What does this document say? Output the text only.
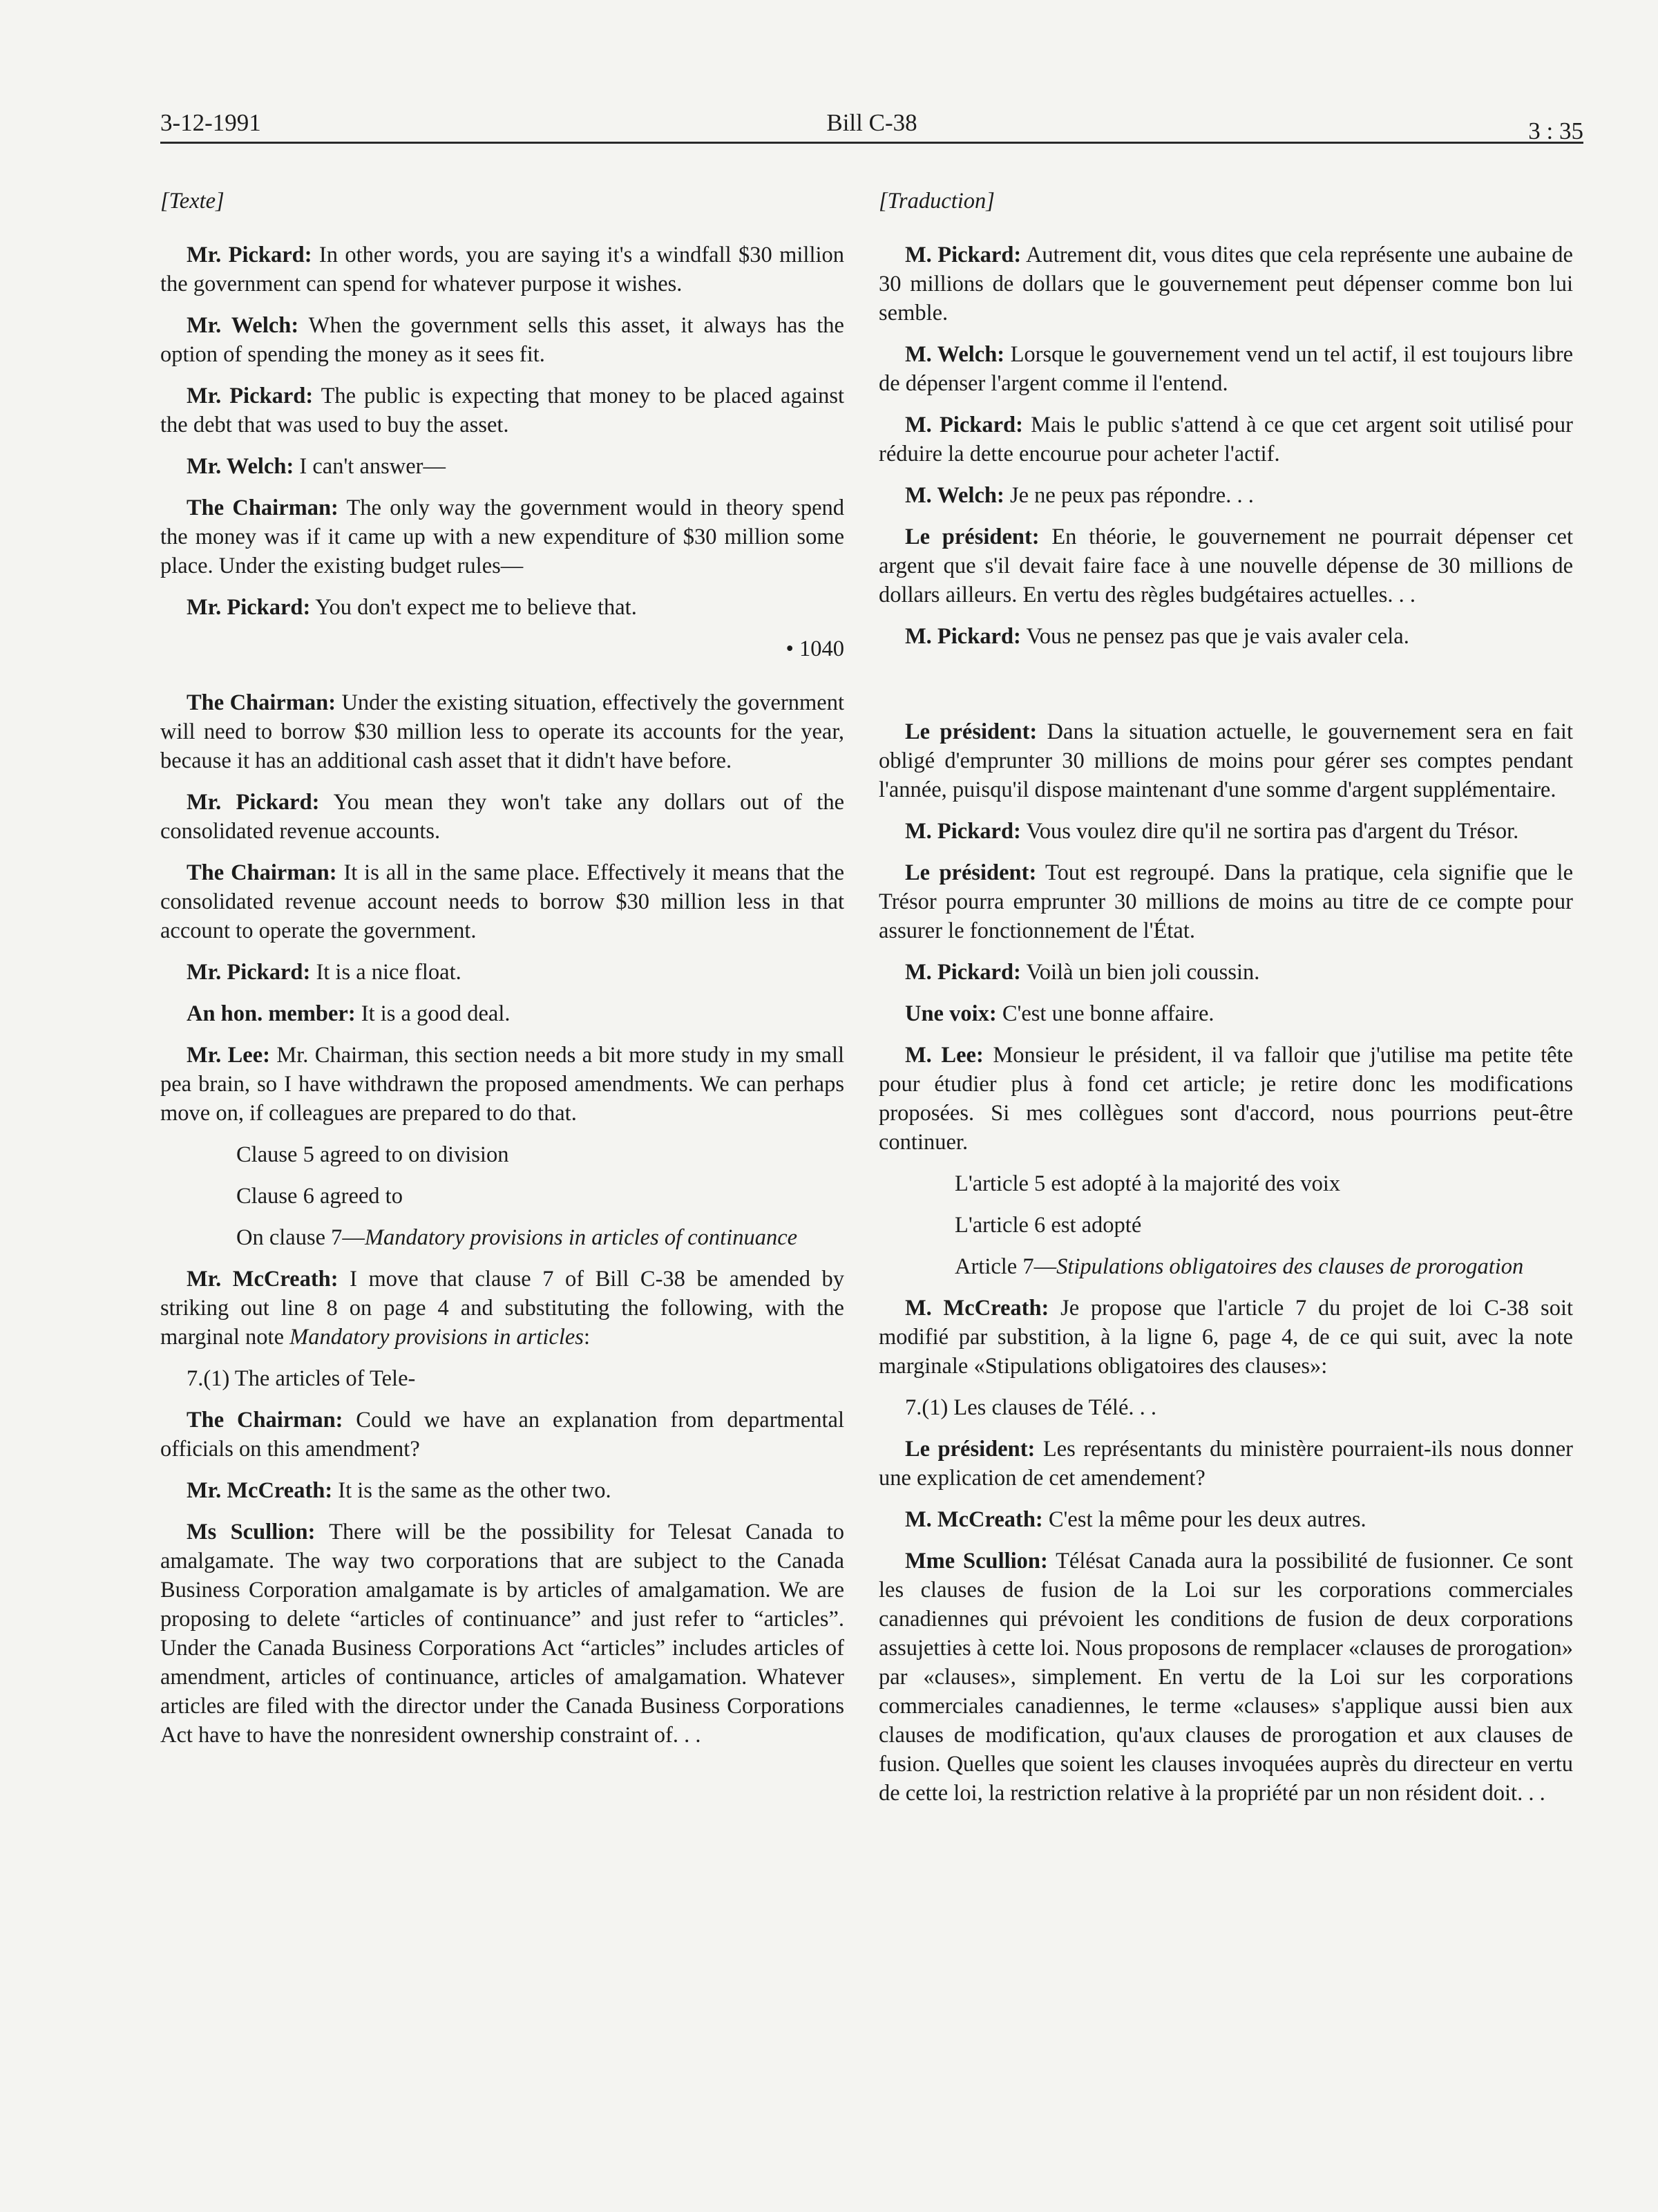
3-12-1991	Bill C-38	3 : 35
[Texte]
Mr. Pickard: In other words, you are saying it's a windfall $30 million the government can spend for whatever purpose it wishes.
Mr. Welch: When the government sells this asset, it always has the option of spending the money as it sees fit.
Mr. Pickard: The public is expecting that money to be placed against the debt that was used to buy the asset.
Mr. Welch: I can't answer—
The Chairman: The only way the government would in theory spend the money was if it came up with a new expenditure of $30 million some place. Under the existing budget rules—
Mr. Pickard: You don't expect me to believe that.
• 1040
The Chairman: Under the existing situation, effectively the government will need to borrow $30 million less to operate its accounts for the year, because it has an additional cash asset that it didn't have before.
Mr. Pickard: You mean they won't take any dollars out of the consolidated revenue accounts.
The Chairman: It is all in the same place. Effectively it means that the consolidated revenue account needs to borrow $30 million less in that account to operate the government.
Mr. Pickard: It is a nice float.
An hon. member: It is a good deal.
Mr. Lee: Mr. Chairman, this section needs a bit more study in my small pea brain, so I have withdrawn the proposed amendments. We can perhaps move on, if colleagues are prepared to do that.
Clause 5 agreed to on division
Clause 6 agreed to
On clause 7—Mandatory provisions in articles of continuance
Mr. McCreath: I move that clause 7 of Bill C-38 be amended by striking out line 8 on page 4 and substituting the following, with the marginal note Mandatory provisions in articles:
7.(1) The articles of Tele-
The Chairman: Could we have an explanation from departmental officials on this amendment?
Mr. McCreath: It is the same as the other two.
Ms Scullion: There will be the possibility for Telesat Canada to amalgamate. The way two corporations that are subject to the Canada Business Corporation amalgamate is by articles of amalgamation. We are proposing to delete “articles of continuance” and just refer to “articles”. Under the Canada Business Corporations Act “articles” includes articles of amendment, articles of continuance, articles of amalgamation. Whatever articles are filed with the director under the Canada Business Corporations Act have to have the nonresident ownership constraint of. . .
[Traduction]
M. Pickard: Autrement dit, vous dites que cela représente une aubaine de 30 millions de dollars que le gouvernement peut dépenser comme bon lui semble.
M. Welch: Lorsque le gouvernement vend un tel actif, il est toujours libre de dépenser l'argent comme il l'entend.
M. Pickard: Mais le public s'attend à ce que cet argent soit utilisé pour réduire la dette encourue pour acheter l'actif.
M. Welch: Je ne peux pas répondre. . .
Le président: En théorie, le gouvernement ne pourrait dépenser cet argent que s'il devait faire face à une nouvelle dépense de 30 millions de dollars ailleurs. En vertu des règles budgétaires actuelles. . .
M. Pickard: Vous ne pensez pas que je vais avaler cela.

Le président: Dans la situation actuelle, le gouvernement sera en fait obligé d'emprunter 30 millions de moins pour gérer ses comptes pendant l'année, puisqu'il dispose maintenant d'une somme d'argent supplémentaire.
M. Pickard: Vous voulez dire qu'il ne sortira pas d'argent du Trésor.
Le président: Tout est regroupé. Dans la pratique, cela signifie que le Trésor pourra emprunter 30 millions de moins au titre de ce compte pour assurer le fonctionnement de l'État.
M. Pickard: Voilà un bien joli coussin.
Une voix: C'est une bonne affaire.
M. Lee: Monsieur le président, il va falloir que j'utilise ma petite tête pour étudier plus à fond cet article; je retire donc les modifications proposées. Si mes collègues sont d'accord, nous pourrions peut-être continuer.
L'article 5 est adopté à la majorité des voix
L'article 6 est adopté
Article 7—Stipulations obligatoires des clauses de prorogation
M. McCreath: Je propose que l'article 7 du projet de loi C-38 soit modifié par substition, à la ligne 6, page 4, de ce qui suit, avec la note marginale «Stipulations obligatoires des clauses»:
7.(1) Les clauses de Télé. . .
Le président: Les représentants du ministère pourraient-ils nous donner une explication de cet amendement?
M. McCreath: C'est la même pour les deux autres.
Mme Scullion: Télésat Canada aura la possibilité de fusionner. Ce sont les clauses de fusion de la Loi sur les corporations commerciales canadiennes qui prévoient les conditions de fusion de deux corporations assujetties à cette loi. Nous proposons de remplacer «clauses de prorogation» par «clauses», simplement. En vertu de la Loi sur les corporations commerciales canadiennes, le terme «clauses» s'applique aussi bien aux clauses de modification, qu'aux clauses de prorogation et aux clauses de fusion. Quelles que soient les clauses invoquées auprès du directeur en vertu de cette loi, la restriction relative à la propriété par un non résident doit. . .
